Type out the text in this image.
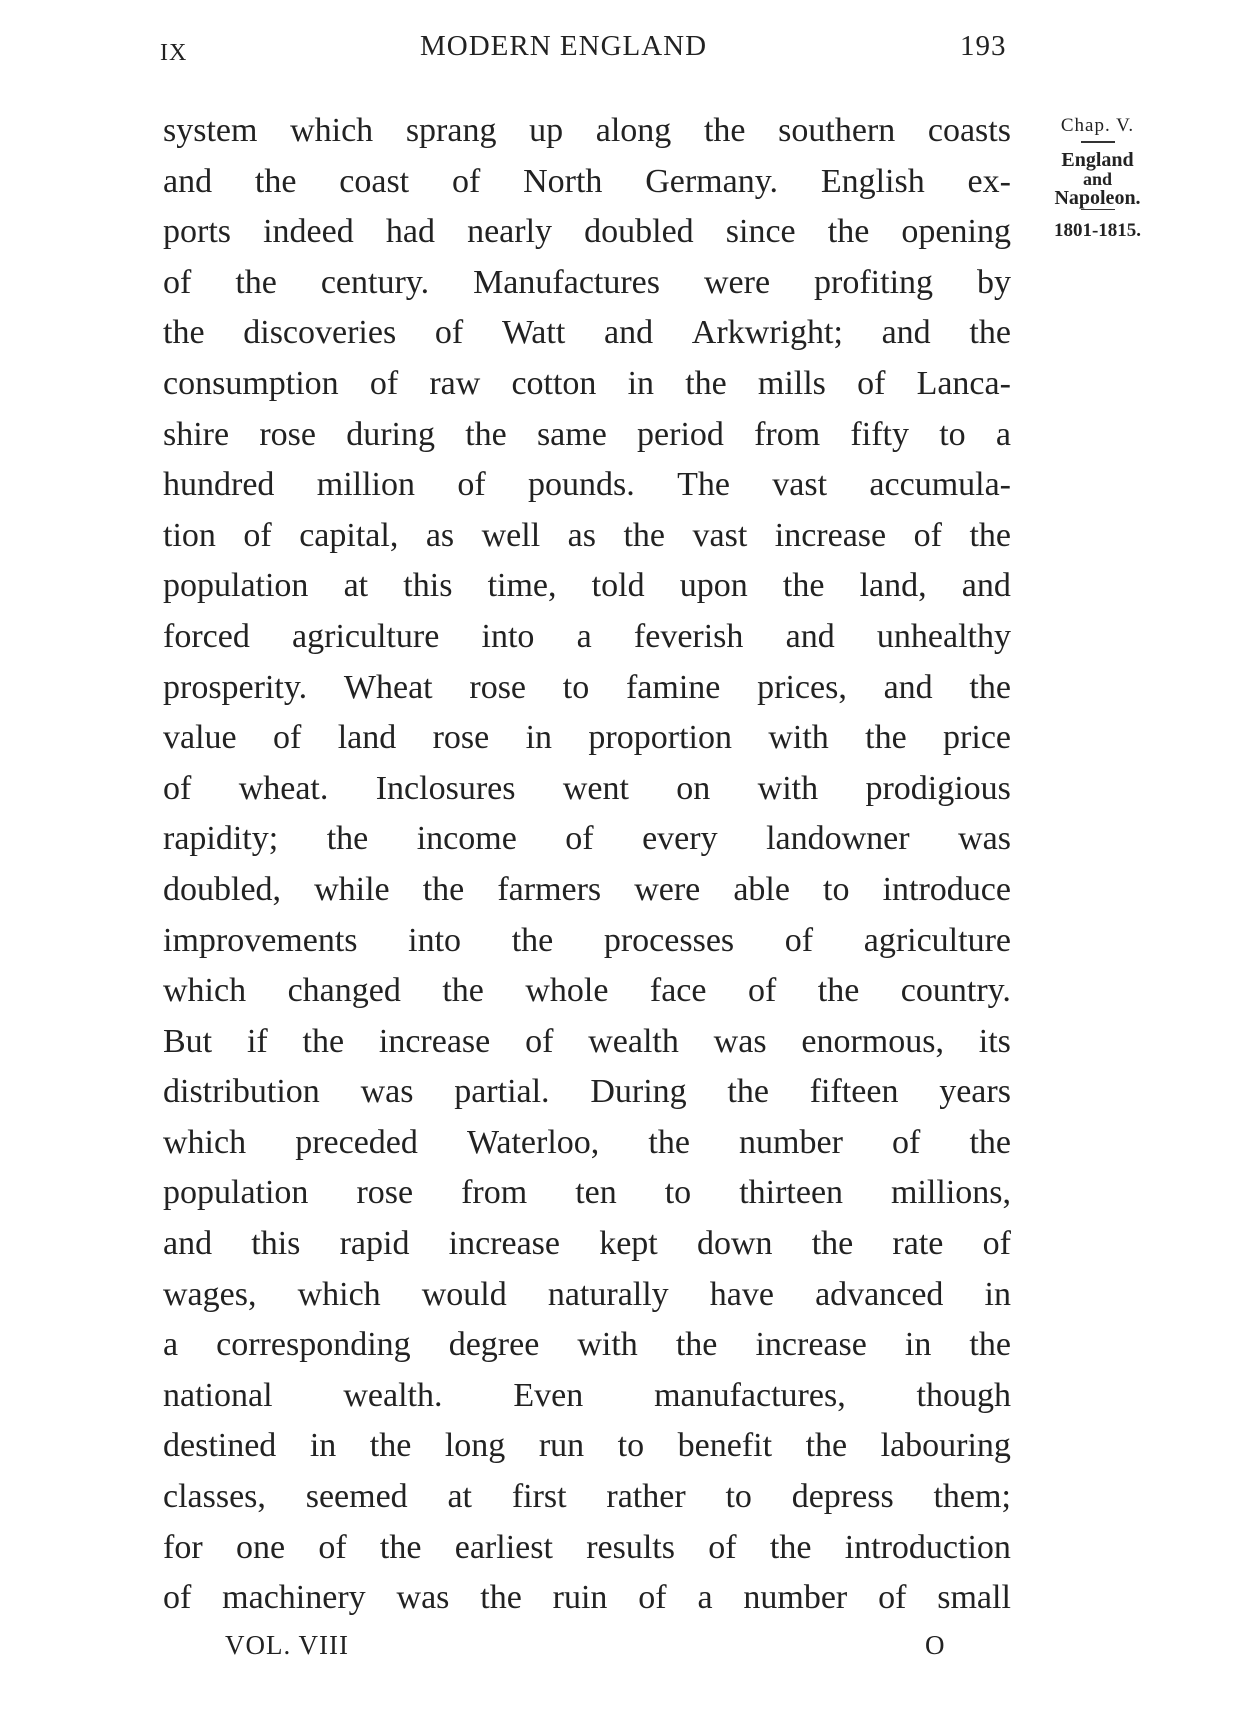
IX	MODERN ENGLAND	193
system which sprang up along the southern coasts
and the coast of North Germany. English ex-
ports indeed had nearly doubled since the opening
of the century. Manufactures were profiting by
the discoveries of Watt and Arkwright; and the
consumption of raw cotton in the mills of Lanca-
shire rose during the same period from fifty to a
hundred million of pounds. The vast accumula-
tion of capital, as well as the vast increase of the
population at this time, told upon the land, and
forced agriculture into a feverish and unhealthy
prosperity. Wheat rose to famine prices, and the
value of land rose in proportion with the price
of wheat. Inclosures went on with prodigious
rapidity; the income of every landowner was
doubled, while the farmers were able to introduce
improvements into the processes of agriculture
which changed the whole face of the country.
But if the increase of wealth was enormous, its
distribution was partial. During the fifteen years
which preceded Waterloo, the number of the
population rose from ten to thirteen millions,
and this rapid increase kept down the rate of
wages, which would naturally have advanced in
a corresponding degree with the increase in the
national wealth. Even manufactures, though
destined in the long run to benefit the labouring
classes, seemed at first rather to depress them;
for one of the earliest results of the introduction
of machinery was the ruin of a number of small
Chap. V.
England
and
Napoleon.
1801-1815.
VOL. VIII	O
